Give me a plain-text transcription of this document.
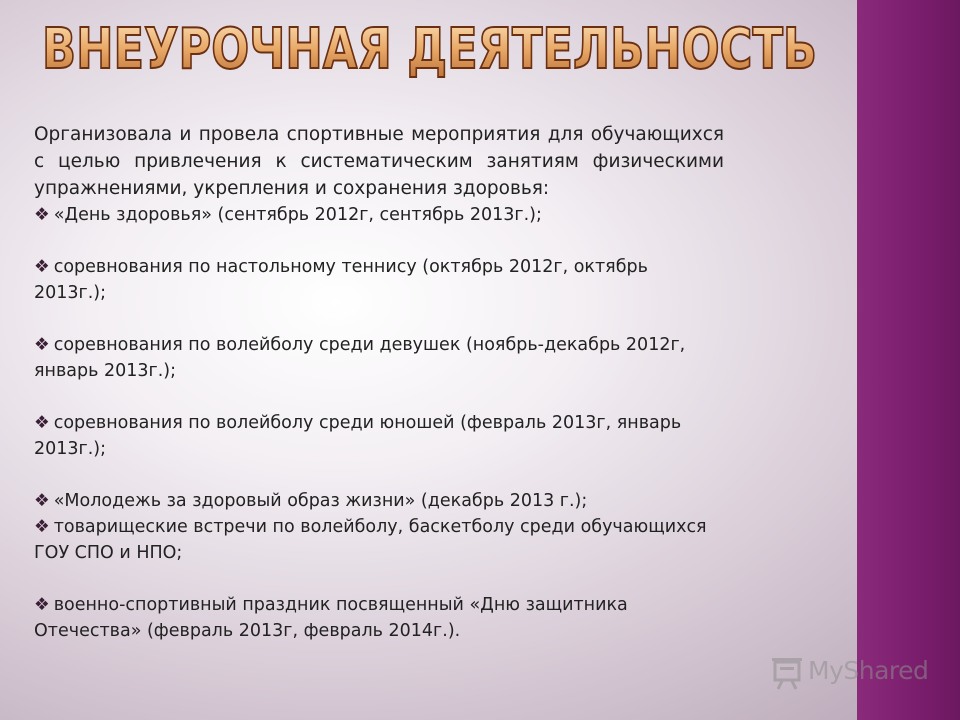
ВНЕУРОЧНАЯ ДЕЯТЕЛЬНОСТЬ

Организовала и провела спортивные мероприятия для обучающихся с целью привлечения к систематическим занятиям физическими упражнениями, укрепления и сохранения здоровья:

❖ «День здоровья» (сентябрь 2012г, сентябрь 2013г.);
❖ соревнования по настольному теннису (октябрь 2012г, октябрь 2013г.);
❖ соревнования по волейболу среди девушек (ноябрь-декабрь 2012г, январь 2013г.);
❖ соревнования по волейболу среди юношей (февраль 2013г, январь 2013г.);
❖ «Молодежь за здоровый образ жизни» (декабрь 2013 г.);
❖ товарищеские встречи по волейболу, баскетболу среди обучающихся ГОУ СПО и НПО;
❖ военно-спортивный праздник посвященный «Дню защитника Отечества» (февраль 2013г, февраль 2014г.).
MyShared
